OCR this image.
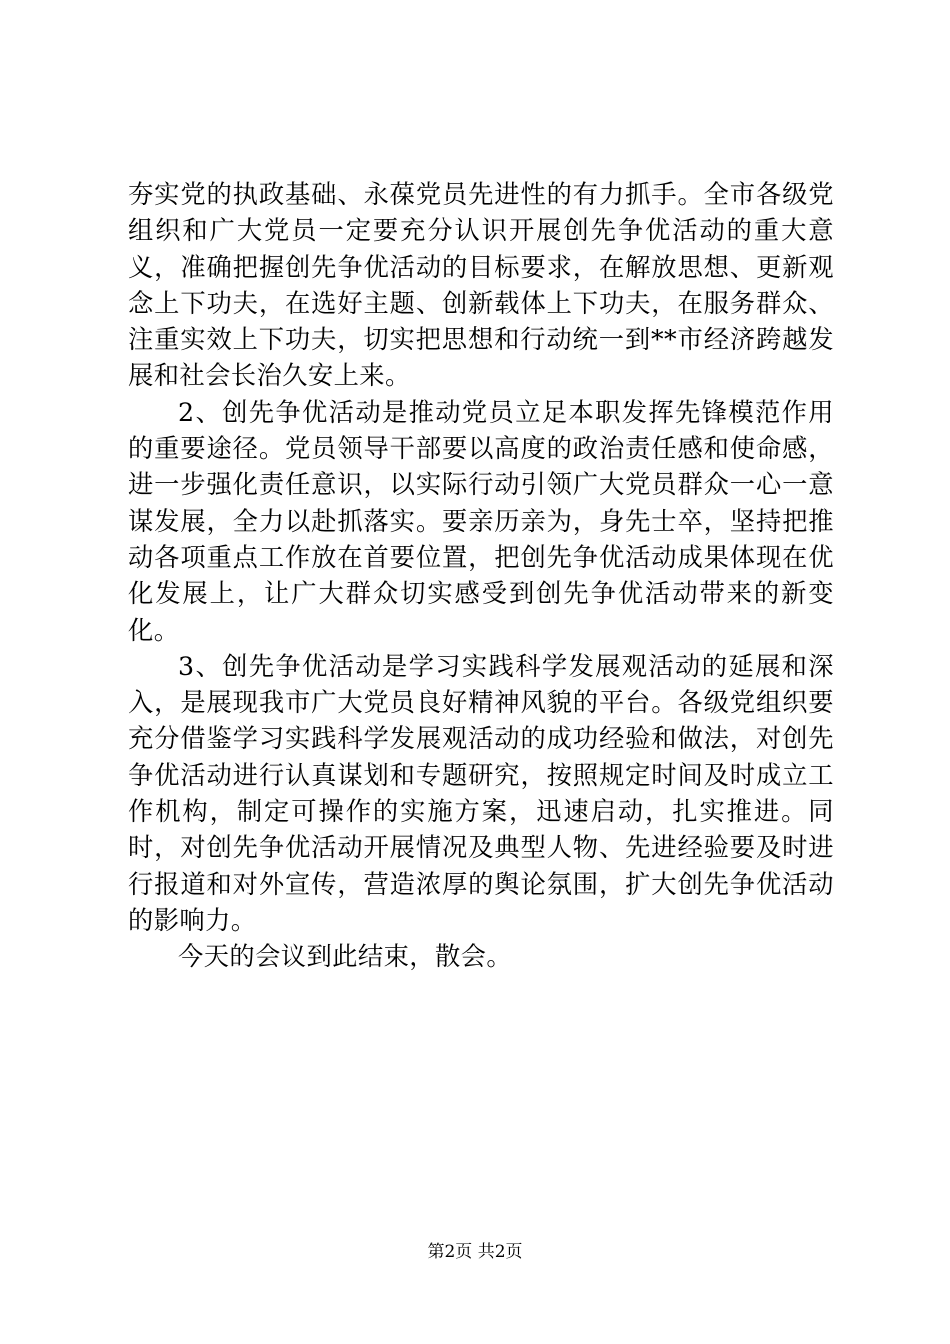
夯实党的执政基础、永葆党员先进性的有力抓手。全市各级党组织和广大党员一定要充分认识开展创先争优活动的重大意义，准确把握创先争优活动的目标要求，在解放思想、更新观念上下功夫，在选好主题、创新载体上下功夫，在服务群众、注重实效上下功夫，切实把思想和行动统一到**市经济跨越发展和社会长治久安上来。

2、创先争优活动是推动党员立足本职发挥先锋模范作用的重要途径。党员领导干部要以高度的政治责任感和使命感，进一步强化责任意识，以实际行动引领广大党员群众一心一意谋发展，全力以赴抓落实。要亲历亲为，身先士卒，坚持把推动各项重点工作放在首要位置，把创先争优活动成果体现在优化发展上，让广大群众切实感受到创先争优活动带来的新变化。

3、创先争优活动是学习实践科学发展观活动的延展和深入，是展现我市广大党员良好精神风貌的平台。各级党组织要充分借鉴学习实践科学发展观活动的成功经验和做法，对创先争优活动进行认真谋划和专题研究，按照规定时间及时成立工作机构，制定可操作的实施方案，迅速启动，扎实推进。同时，对创先争优活动开展情况及典型人物、先进经验要及时进行报道和对外宣传，营造浓厚的舆论氛围，扩大创先争优活动的影响力。

今天的会议到此结束，散会。

第2页 共2页
